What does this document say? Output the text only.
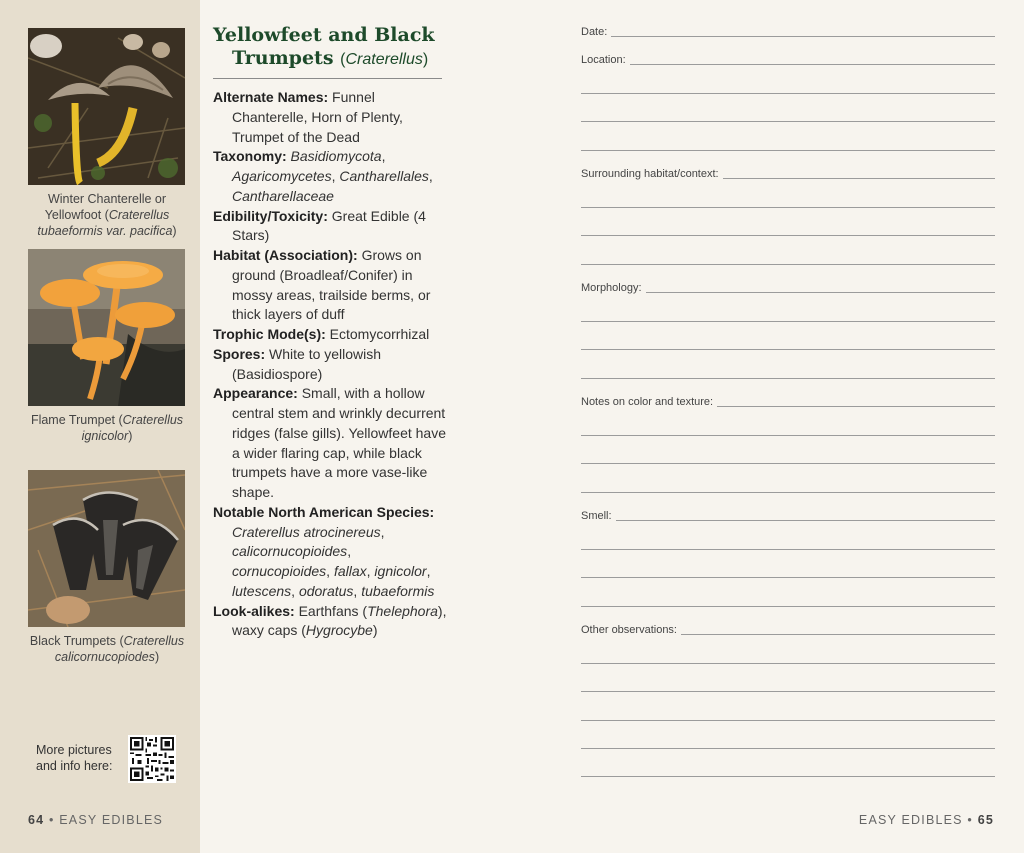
Winter Chanterelle or Yellowfoot (Craterellus tubaeformis var. pacifica)
Flame Trumpet (Craterellus ignicolor)
Black Trumpets (Craterellus calicornucopiodes)
More pictures and info here:
64 • EASY EDIBLES
Yellowfeet and Black
Trumpets (Craterellus)
Alternate Names: Funnel Chanterelle, Horn of Plenty, Trumpet of the Dead
Taxonomy: Basidiomycota, Agaricomycetes, Cantharellales, Cantharellaceae
Edibility/Toxicity: Great Edible (4 Stars)
Habitat (Association): Grows on ground (Broadleaf/Conifer) in mossy areas, trailside berms, or thick layers of duff
Trophic Mode(s): Ectomycorrhizal
Spores: White to yellowish (Basidiospore)
Appearance: Small, with a hollow central stem and wrinkly decurrent ridges (false gills). Yellowfeet have a wider flaring cap, while black trumpets have a more vase-like shape.
Notable North American Species: Craterellus atrocinereus, calicornucopioides, cornucopioides, fallax, ignicolor, lutescens, odoratus, tubaeformis
Look-alikes: Earthfans (Thelephora), waxy caps (Hygrocybe)
Date:
Location:
Surrounding habitat/context:
Morphology:
Notes on color and texture:
Smell:
Other observations:
EASY EDIBLES • 65
